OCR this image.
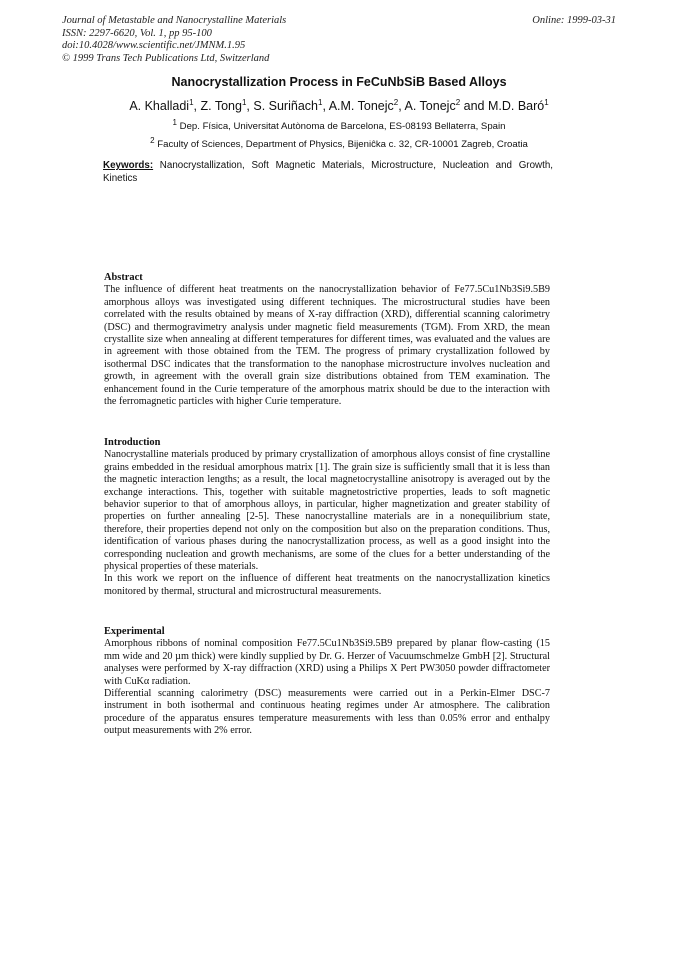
Journal of Metastable and Nanocrystalline Materials
ISSN: 2297-6620, Vol. 1, pp 95-100
doi:10.4028/www.scientific.net/JMNM.1.95
© 1999 Trans Tech Publications Ltd, Switzerland
Online: 1999-03-31
Nanocrystallization Process in FeCuNbSiB Based Alloys
A. Khalladi$^1$, Z. Tong$^1$, S. Suriñach$^1$, A.M. Tonejc$^2$, A. Tonejc$^2$ and M.D. Baró$^1$
$^1$ Dep. Física, Universitat Autònoma de Barcelona, ES-08193 Bellaterra, Spain
$^2$ Faculty of Sciences, Department of Physics, Bijeniĉka c. 32, CR-10001 Zagreb, Croatia
Keywords: Nanocrystallization, Soft Magnetic Materials, Microstructure, Nucleation and Growth, Kinetics
Abstract

The influence of different heat treatments on the nanocrystallization behavior of Fe77.5Cu1Nb3Si9.5B9 amorphous alloys was investigated using different techniques. The microstructural studies have been correlated with the results obtained by means of X-ray diffraction (XRD), differential scanning calorimetry (DSC) and thermogravimetry analysis under magnetic field measurements (TGM). From XRD, the mean crystallite size when annealing at different temperatures for different times, was evaluated and the values are in agreement with those obtained from the TEM. The progress of primary crystallization followed by isothermal DSC indicates that the transformation to the nanophase microstructure involves nucleation and growth, in agreement with the overall grain size distributions obtained from TEM examination. The enhancement found in the Curie temperature of the amorphous matrix should be due to the interaction with the ferromagnetic particles with higher Curie temperature.

Introduction

Nanocrystalline materials produced by primary crystallization of amorphous alloys consist of fine crystalline grains embedded in the residual amorphous matrix [1]. The grain size is sufficiently small that it is less than the magnetic interaction lengths; as a result, the local magnetocrystalline anisotropy is averaged out by the exchange interactions. This, together with suitable magnetostrictive properties, leads to soft magnetic behavior superior to that of amorphous alloys, in particular, higher magnetization and greater stability of properties on further annealing [2-5]. These nanocrystalline materials are in a nonequilibrium state, therefore, their properties depend not only on the composition but also on the preparation conditions. Thus, identification of various phases during the nanocrystallization process, as well as a good insight into the corresponding nucleation and growth mechanisms, are some of the clues for a better understanding of the physical properties of these materials.

In this work we report on the influence of different heat treatments on the nanocrystallization kinetics monitored by thermal, structural and microstructural measurements.

Experimental

Amorphous ribbons of nominal composition Fe77.5Cu1Nb3Si9.5B9 prepared by planar flow-casting (15 mm wide and 20 µm thick) were kindly supplied by Dr. G. Herzer of Vacuumschmelze GmbH [2]. Structural analyses were performed by X-ray diffraction (XRD) using a Philips X Pert PW3050 powder diffractometer with CuKα radiation.

Differential scanning calorimetry (DSC) measurements were carried out in a Perkin-Elmer DSC-7 instrument in both isothermal and continuous heating regimes under Ar atmosphere. The calibration procedure of the apparatus ensures temperature measurements with less than 0.05% error and enthalpy output measurements with 2% error.
